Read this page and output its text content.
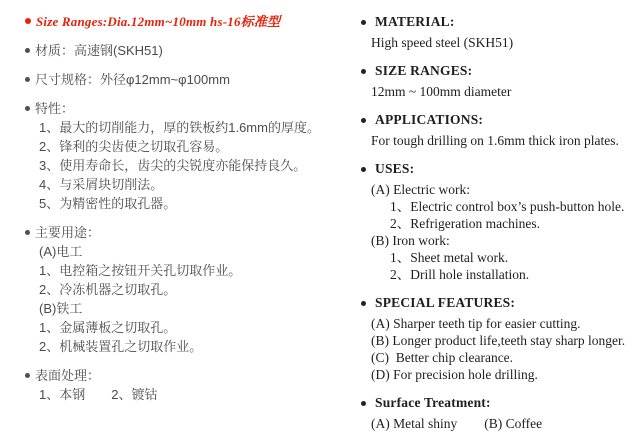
Size Ranges:Dia.12mm~10mm hs-16标准型
材质：高速钢(SKH51)
尺寸规格：外径φ12mm~φ100mm
特性：
1、最大的切削能力，厚的铁板约1.6mm的厚度。
2、锋利的尖齿使之切取孔容易。
3、使用寿命长，齿尖的尖锐度亦能保持良久。
4、与采屑块切削法。
5、为精密性的取孔器。
主要用途：
(A)电工
1、电控箱之按钮开关孔切取作业。
2、冷冻机器之切取孔。
(B)铁工
1、金属薄板之切取孔。
2、机械装置孔之切取作业。
表面处理：
1、本钢　　2、镀钴
MATERIAL:
High speed steel (SKH51)
SIZE RANGES:
12mm ~ 100mm diameter
APPLICATIONS:
For tough drilling on 1.6mm thick iron plates.
USES:
(A) Electric work:
1、Electric control box’s push-button hole.
2、Refrigeration machines.
(B) Iron work:
1、Sheet metal work.
2、Drill hole installation.
SPECIAL FEATURES:
(A) Sharper teeth tip for easier cutting.
(B) Longer product life,teeth stay sharp longer.
(C)  Better chip clearance.
(D) For precision hole drilling.
Surface Treatment:
(A) Metal shiny        (B) Coffee
